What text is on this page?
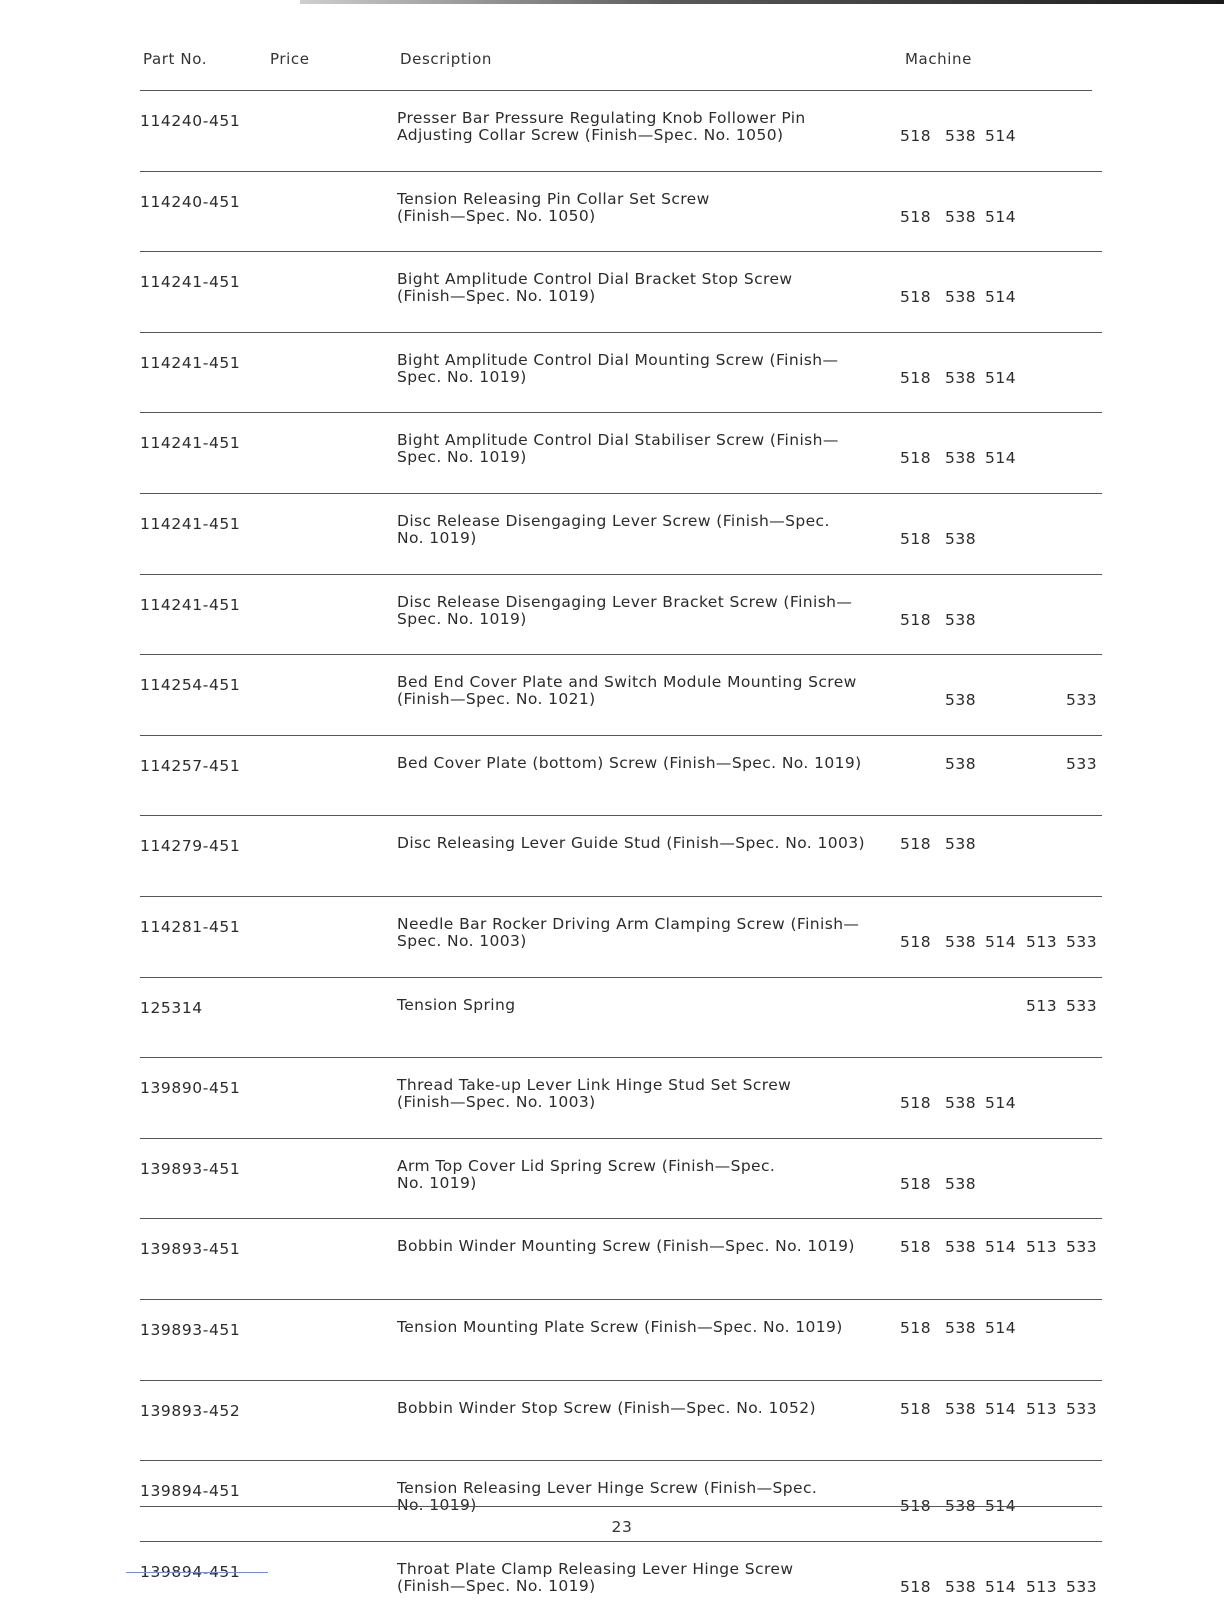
Part No.	Price	Description	Machine
114240-451	Presser Bar Pressure Regulating Knob Follower Pin
Adjusting Collar Screw (Finish—Spec. No. 1050)	518 538 514
114240-451	Tension Releasing Pin Collar Set Screw
(Finish—Spec. No. 1050)	518 538 514
114241-451	Bight Amplitude Control Dial Bracket Stop Screw
(Finish—Spec. No. 1019)	518 538 514
114241-451	Bight Amplitude Control Dial Mounting Screw (Finish—
Spec. No. 1019)	518 538 514
114241-451	Bight Amplitude Control Dial Stabiliser Screw (Finish—
Spec. No. 1019)	518 538 514
114241-451	Disc Release Disengaging Lever Screw (Finish—Spec.
No. 1019)	518 538
114241-451	Disc Release Disengaging Lever Bracket Screw (Finish—
Spec. No. 1019)	518 538
114254-451	Bed End Cover Plate and Switch Module Mounting Screw
(Finish—Spec. No. 1021)	538	533
114257-451	Bed Cover Plate (bottom) Screw (Finish—Spec. No. 1019)	538	533
114279-451	Disc Releasing Lever Guide Stud (Finish—Spec. No. 1003)	518 538
114281-451	Needle Bar Rocker Driving Arm Clamping Screw (Finish—
Spec. No. 1003)	518 538 514 513 533
125314	Tension Spring	513 533
139890-451	Thread Take-up Lever Link Hinge Stud Set Screw
(Finish—Spec. No. 1003)	518 538 514
139893-451	Arm Top Cover Lid Spring Screw (Finish—Spec.
No. 1019)	518 538
139893-451	Bobbin Winder Mounting Screw (Finish—Spec. No. 1019)	518 538 514 513 533
139893-451	Tension Mounting Plate Screw (Finish—Spec. No. 1019)	518 538 514
139893-452	Bobbin Winder Stop Screw (Finish—Spec. No. 1052)	518 538 514 513 533
139894-451	Tension Releasing Lever Hinge Screw (Finish—Spec.
No. 1019)	518 538 514
139894-451	Throat Plate Clamp Releasing Lever Hinge Screw
(Finish—Spec. No. 1019)	518 538 514 513 533
23
